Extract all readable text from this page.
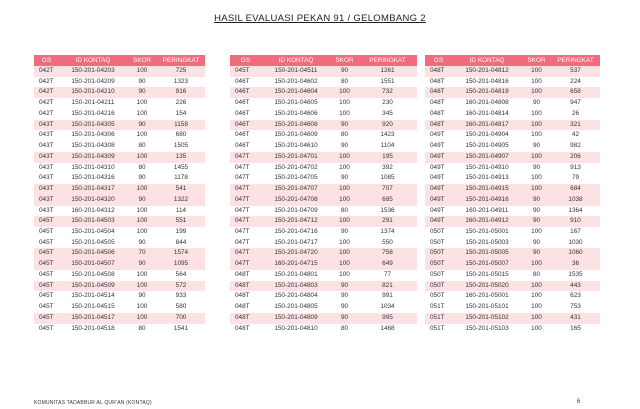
HASIL EVALUASI PEKAN 91 / GELOMBANG 2
GS	ID KONTAQ	SKOR	PERINGKAT
042T	150-201-04203	100	725
042T	150-201-04209	90	1323
042T	150-201-04210	90	916
042T	150-201-04211	100	226
042T	150-201-04216	100	154
043T	150-201-04305	90	1158
043T	150-201-04306	100	680
043T	150-201-04308	80	1505
043T	150-201-04309	100	135
043T	150-201-04310	80	1455
043T	150-201-04316	90	1178
043T	150-201-04317	100	541
043T	150-201-04320	90	1322
043T	160-201-04312	100	114
045T	150-201-04503	100	551
045T	150-201-04504	100	199
045T	150-201-04505	90	844
045T	150-201-04506	70	1574
045T	150-201-04507	90	1095
045T	150-201-04508	100	564
045T	150-201-04509	100	572
045T	150-201-04514	90	933
045T	150-201-04515	100	580
045T	150-201-04517	100	700
045T	150-201-04518	80	1541
GS	ID KONTAQ	SKOR	PERINGKAT
045T	150-201-04511	90	1261
046T	150-201-04602	80	1551
046T	150-201-04604	100	732
046T	150-201-04605	100	230
046T	150-201-04606	100	345
046T	150-201-04608	90	920
046T	150-201-04609	80	1423
046T	150-201-04610	90	1104
047T	150-201-04701	100	195
047T	150-201-04702	100	392
047T	150-201-04705	90	1085
047T	150-201-04707	100	707
047T	150-201-04708	100	685
047T	150-201-04709	80	1536
047T	150-201-04712	100	291
047T	150-201-04716	90	1374
047T	150-201-04717	100	550
047T	150-201-04720	100	758
047T	160-201-04715	100	649
048T	150-201-04801	100	77
048T	150-201-04803	90	821
048T	150-201-04804	90	991
048T	150-201-04805	90	1034
048T	150-201-04809	90	995
048T	150-201-04810	80	1468
GS	ID KONTAQ	SKOR	PERINGKAT
048T	150-201-04812	100	537
048T	150-201-04816	100	224
048T	150-201-04819	100	658
048T	160-201-04808	90	947
048T	160-201-04814	100	26
048T	160-201-04817	100	321
049T	150-201-04904	100	42
049T	150-201-04905	90	982
049T	150-201-04907	100	206
049T	150-201-04910	90	913
049T	150-201-04913	100	79
049T	150-201-04915	100	684
049T	150-201-04916	90	1038
049T	160-201-04911	90	1364
049T	160-201-04912	90	910
050T	150-201-05001	100	167
050T	150-201-05003	90	1030
050T	150-201-05005	90	1060
050T	150-201-05007	100	36
050T	150-201-05015	80	1535
050T	150-201-05020	100	443
050T	160-201-05001	100	623
051T	150-201-05101	100	753
051T	150-201-05102	100	431
051T	150-201-05103	100	165
KOMUNITAS TADABBUR AL QUR'AN (KONTAQ)	6
